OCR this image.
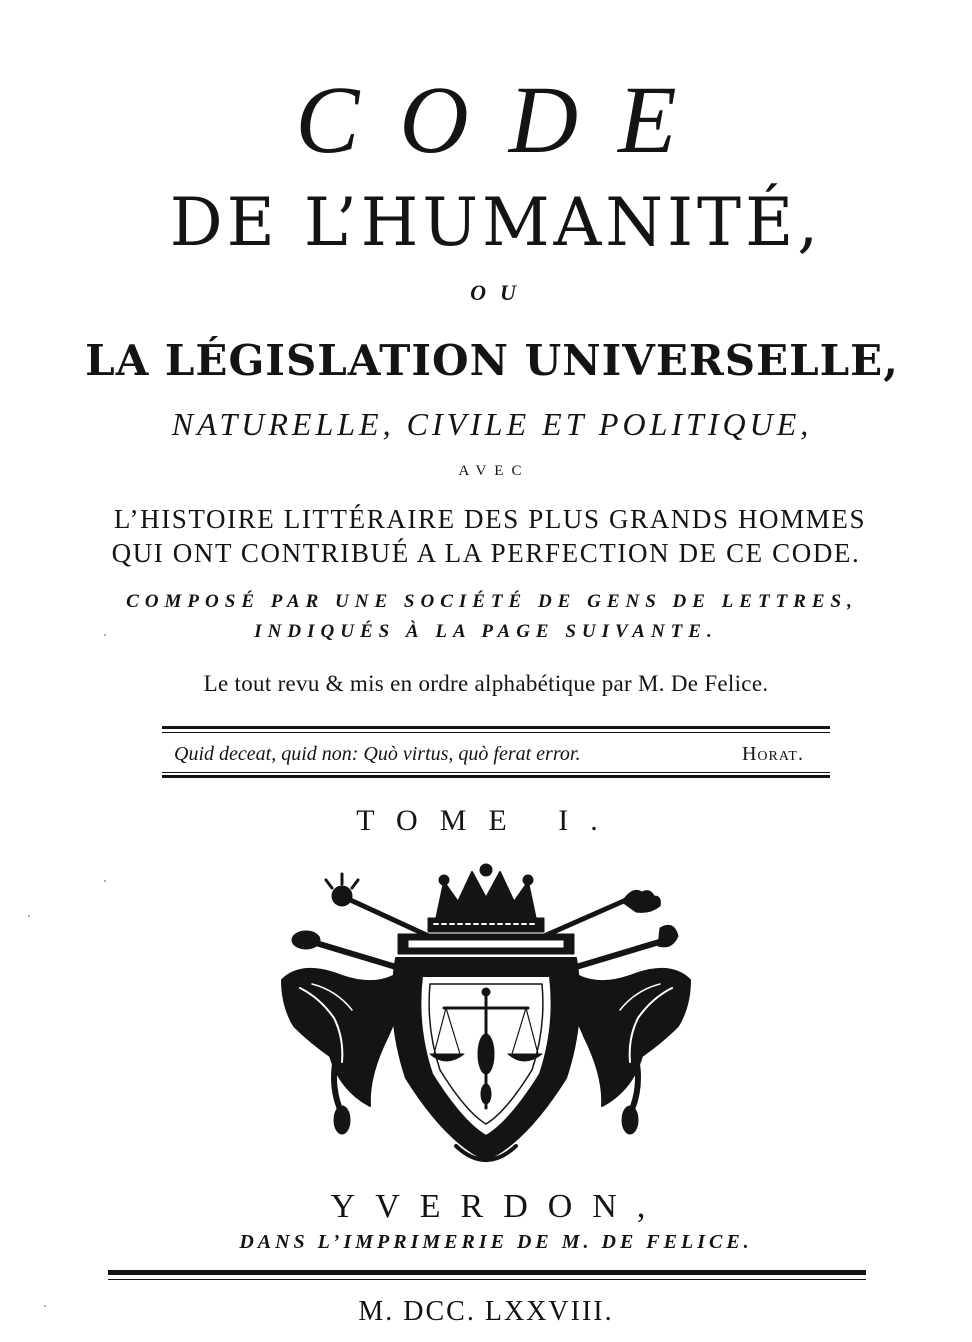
CODE
DE L’HUMANITÉ,
OU
LA LÉGISLATION UNIVERSELLE,
NATURELLE, CIVILE ET POLITIQUE,
AVEC
L’HISTOIRE LITTÉRAIRE DES PLUS GRANDS HOMMES
QUI ONT CONTRIBUÉ A LA PERFECTION DE CE CODE.
COMPOSÉ PAR UNE SOCIÉTÉ DE GENS DE LETTRES,
INDIQUÉS À LA PAGE SUIVANTE.
Le tout revu & mis en ordre alphabétique par M. De Felice.
Quid deceat, quid non: Quò virtus, quò ferat error.	Horat.
TOME I.
YVERDON,
DANS L’IMPRIMERIE DE M. DE FELICE.
M. DCC. LXXVIII.
